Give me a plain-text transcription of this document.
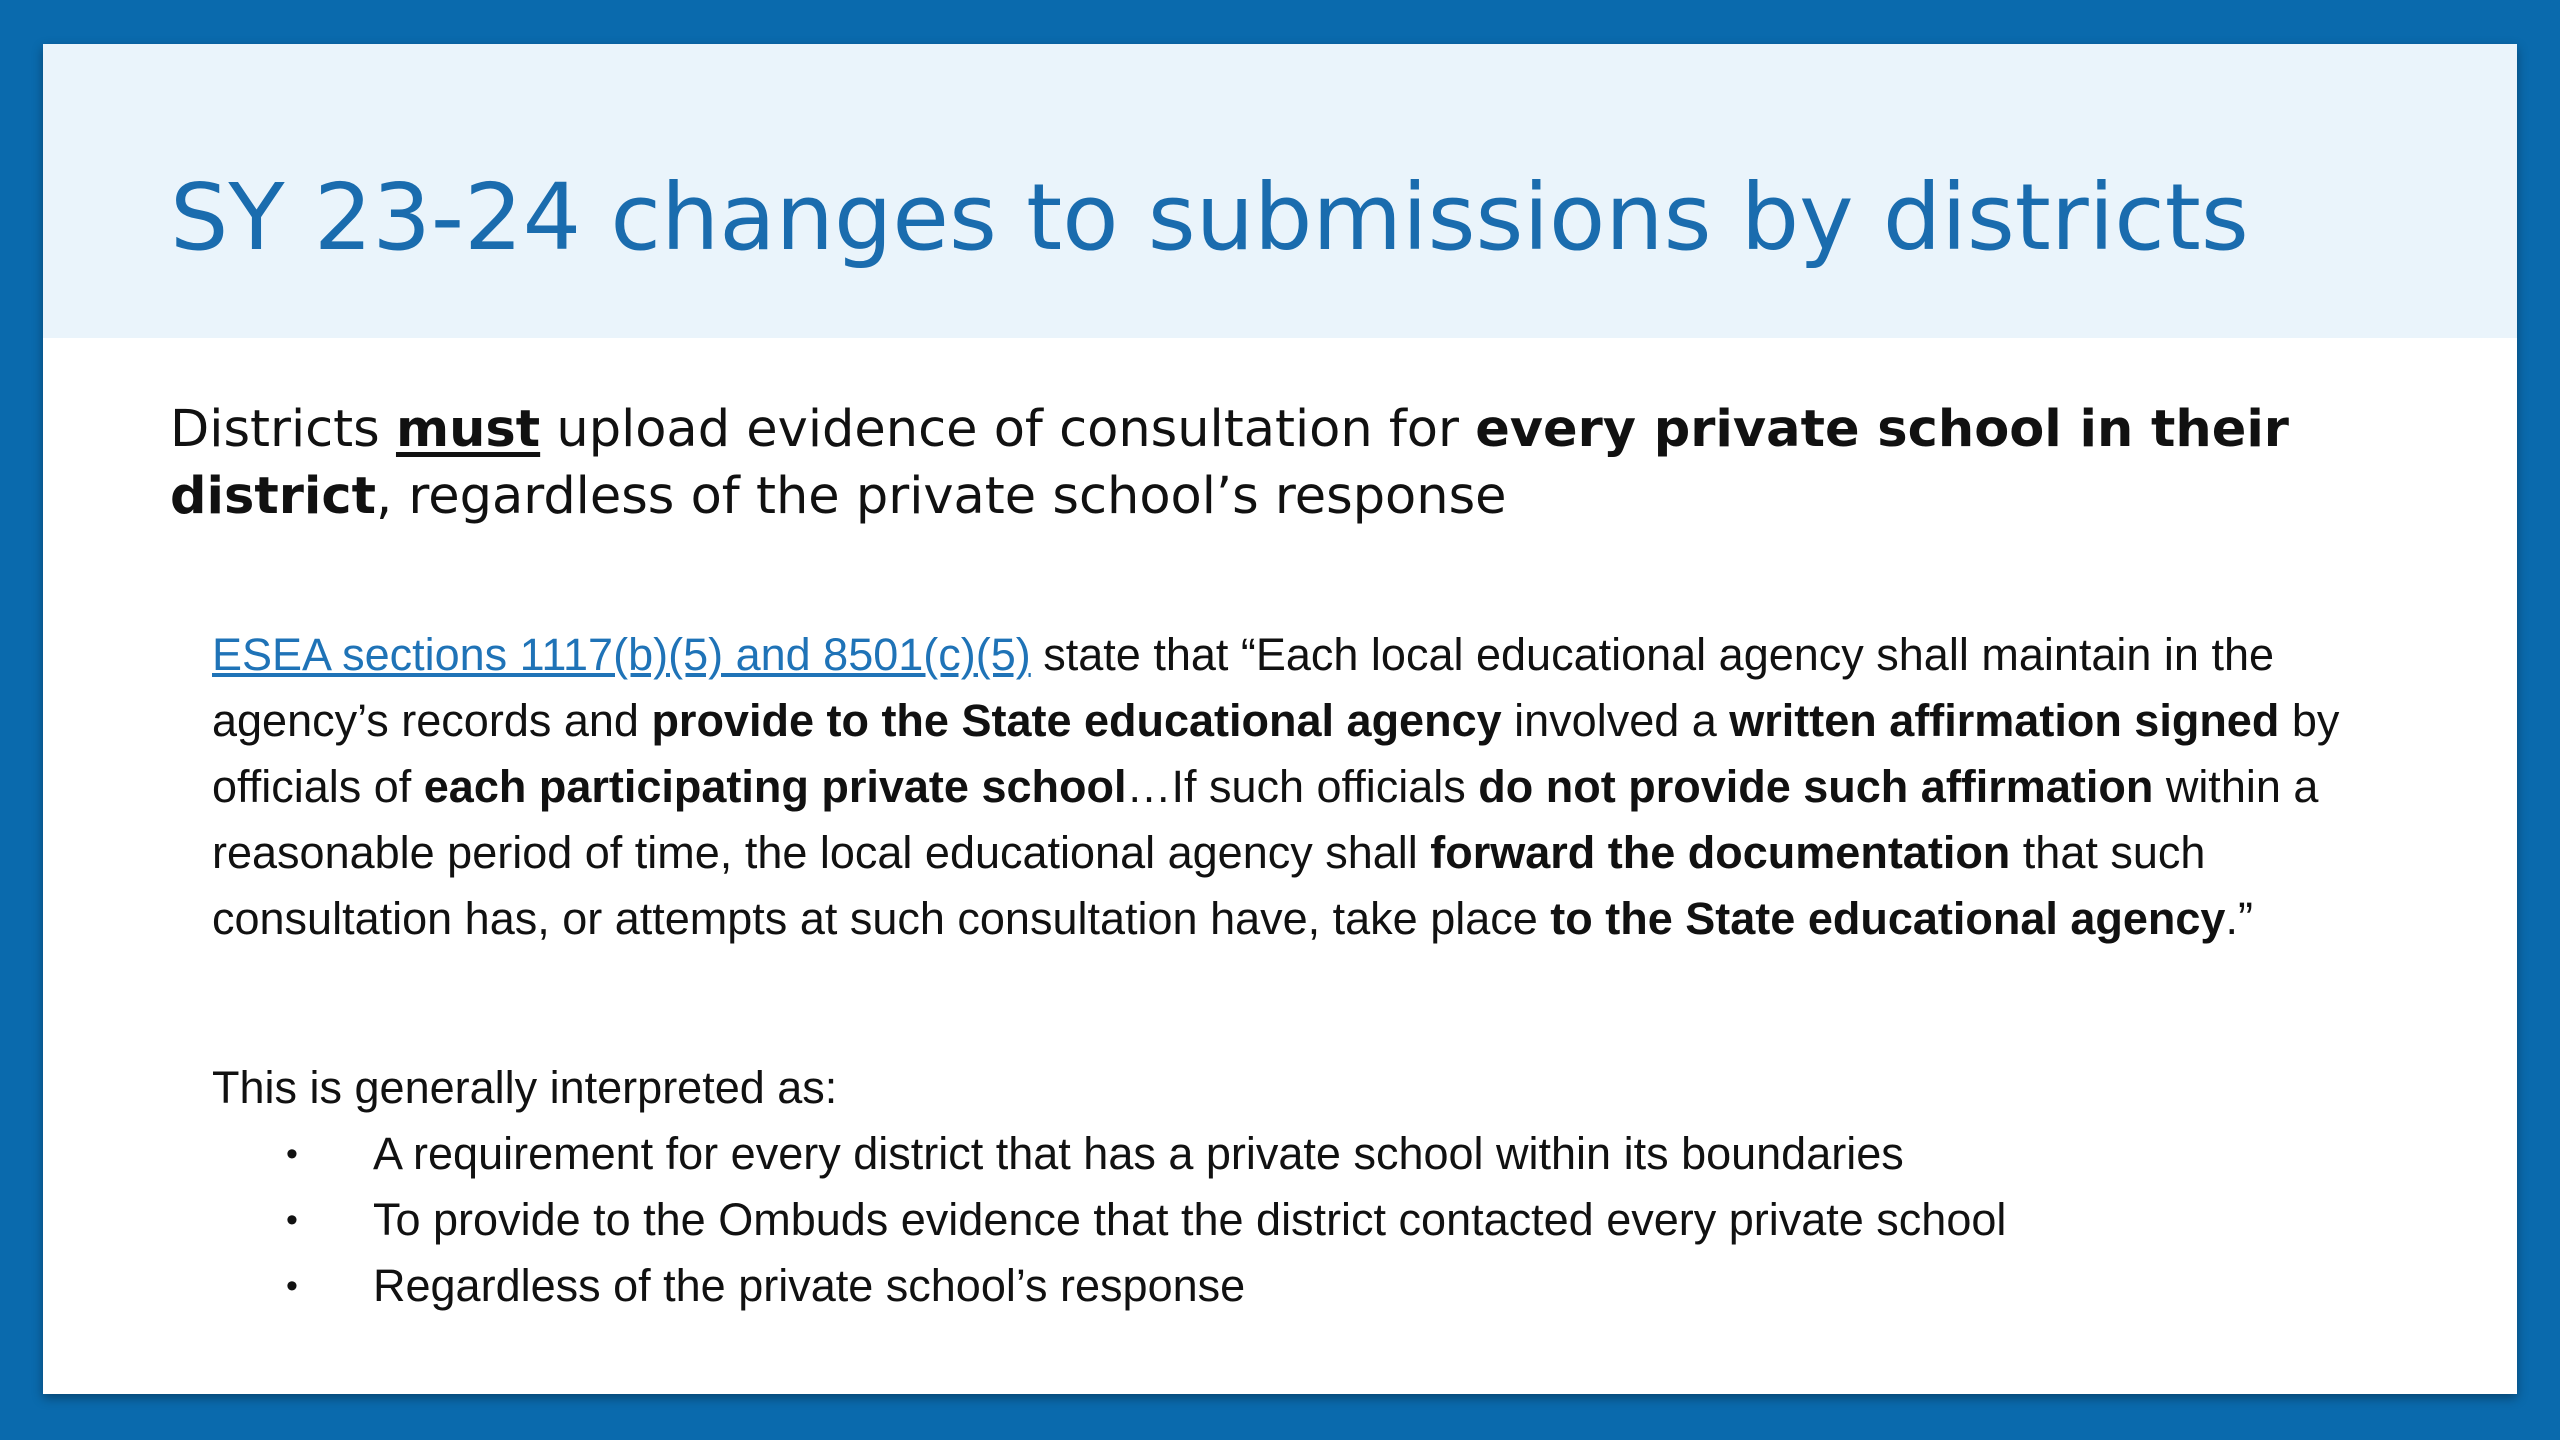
SY 23-24 changes to submissions by districts

Districts must upload evidence of consultation for every private school in their district, regardless of the private school’s response

ESEA sections 1117(b)(5) and 8501(c)(5) state that “Each local educational agency shall maintain in the agency’s records and provide to the State educational agency involved a written affirmation signed by officials of each participating private school…If such officials do not provide such affirmation within a reasonable period of time, the local educational agency shall forward the documentation that such consultation has, or attempts at such consultation have, take place to the State educational agency.”

This is generally interpreted as:

• A requirement for every district that has a private school within its boundaries
• To provide to the Ombuds evidence that the district contacted every private school
• Regardless of the private school’s response
